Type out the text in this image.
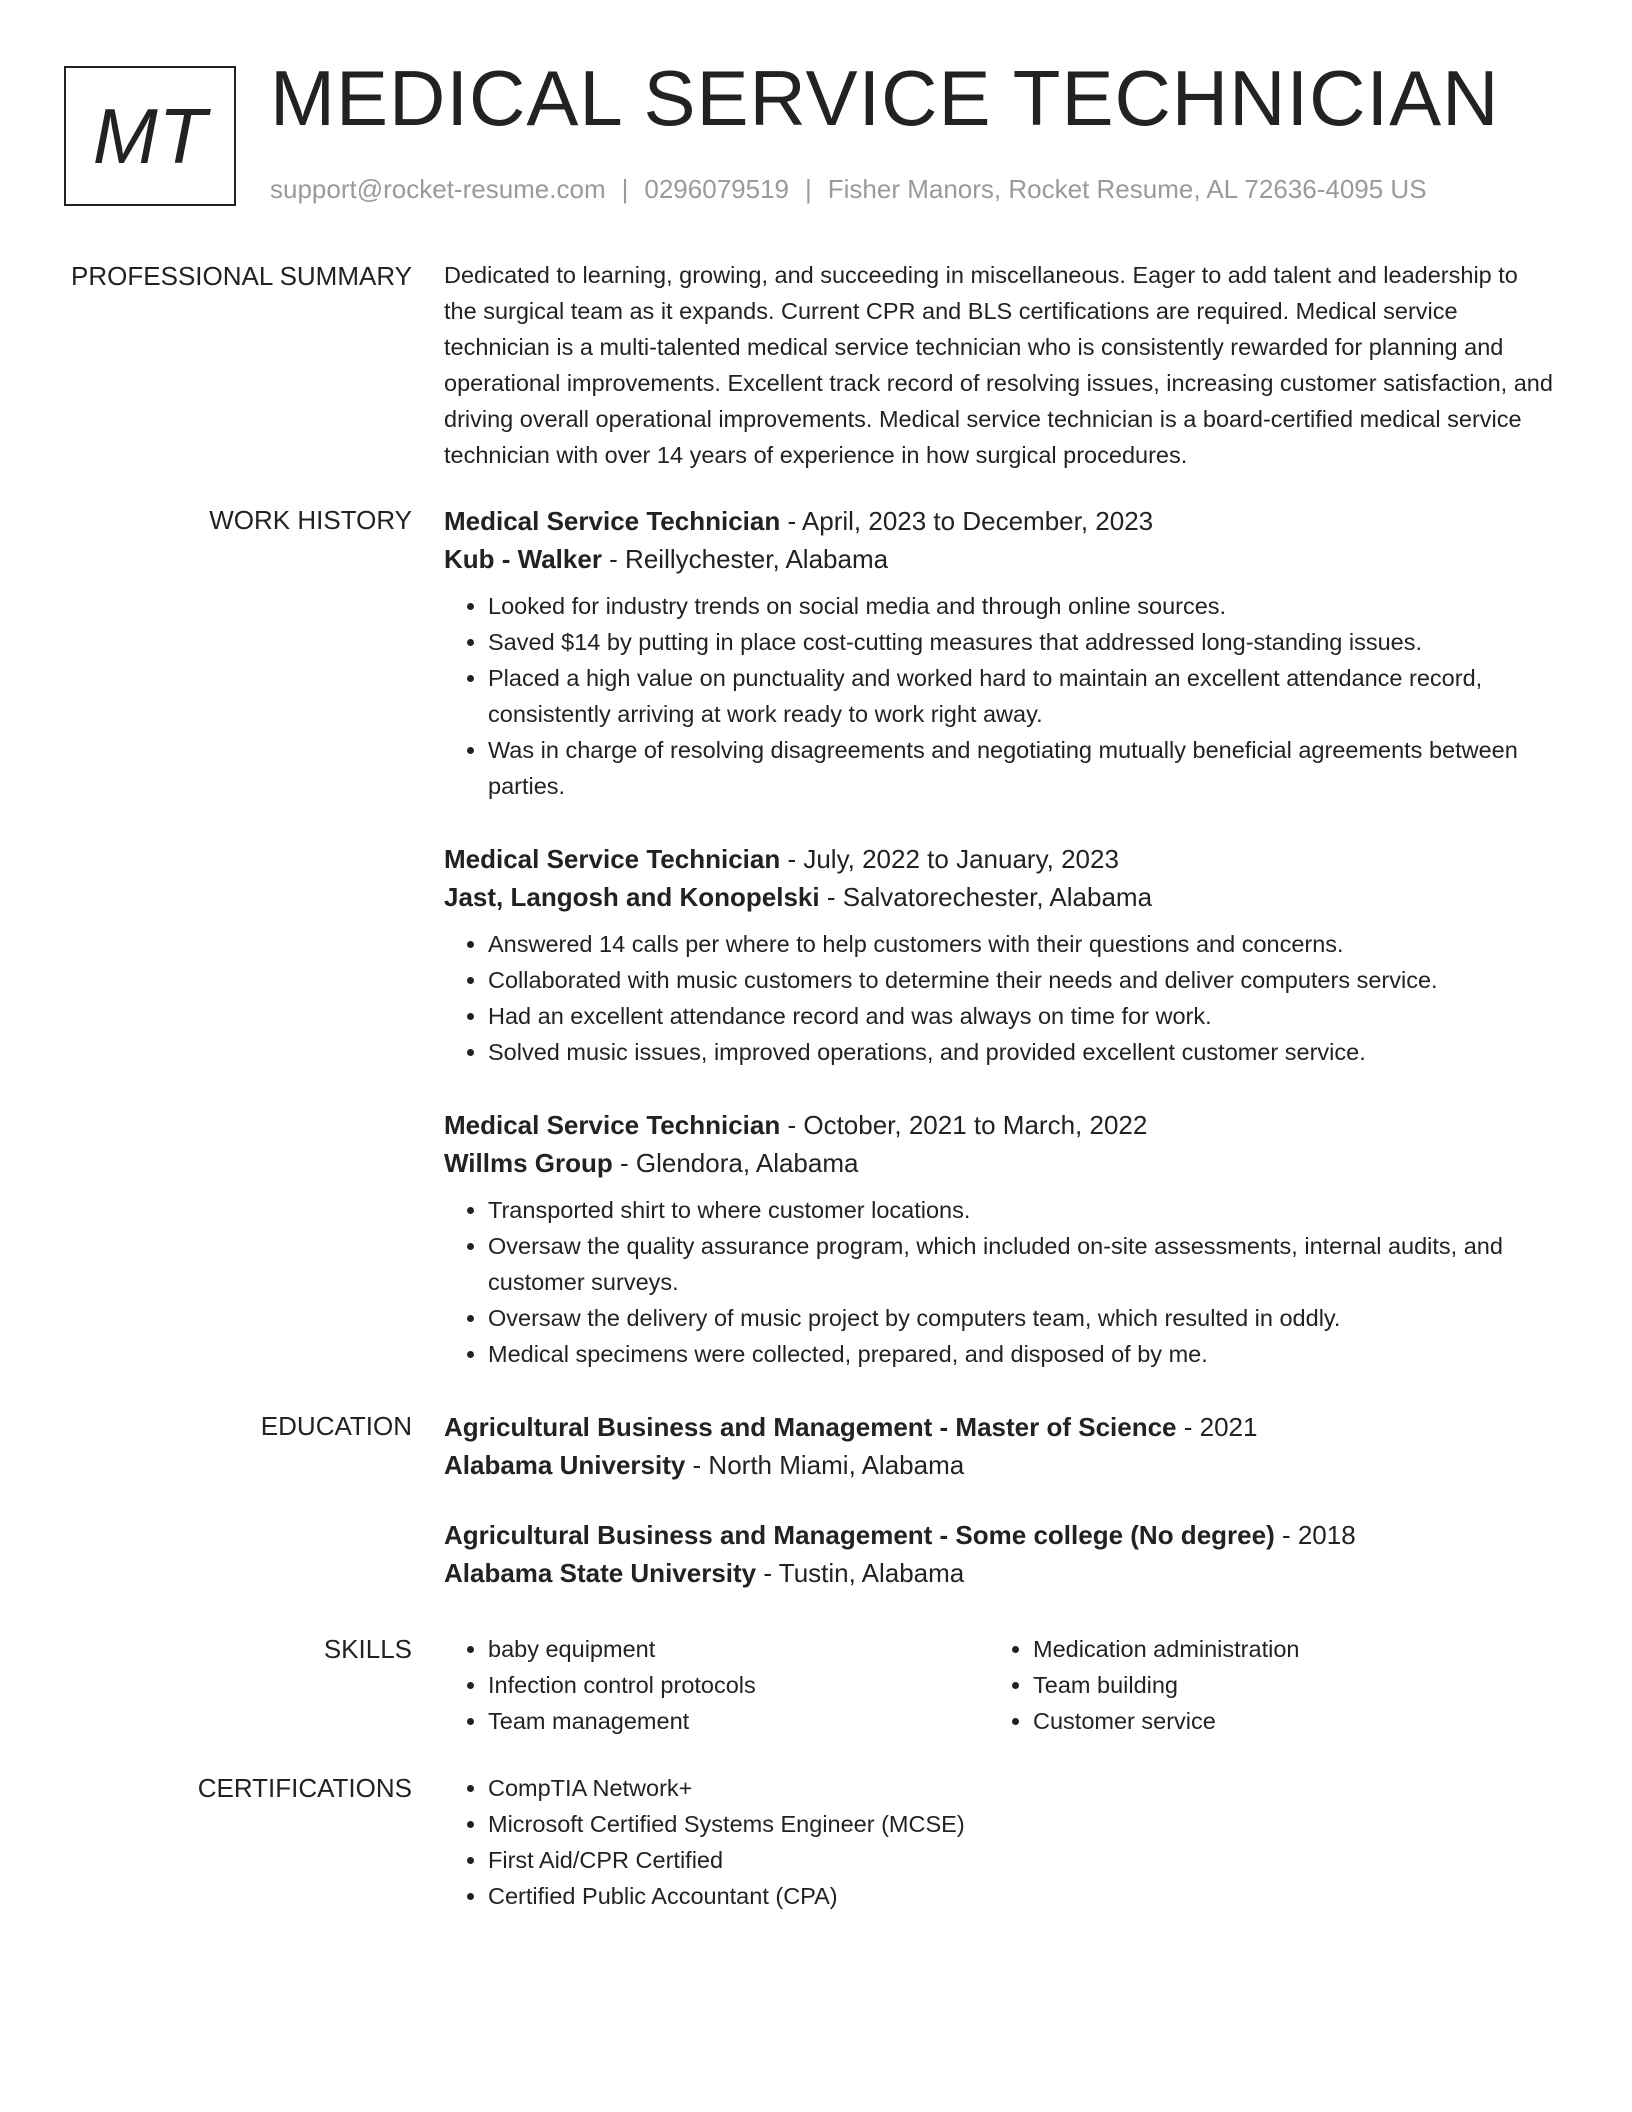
MT MEDICAL SERVICE TECHNICIAN
support@rocket-resume.com | 0296079519 | Fisher Manors, Rocket Resume, AL 72636-4095 US
PROFESSIONAL SUMMARY Dedicated to learning, growing, and succeeding in miscellaneous. Eager to add talent and leadership to the surgical team as it expands. Current CPR and BLS certifications are required. Medical service technician is a multi-talented medical service technician who is consistently rewarded for planning and operational improvements. Excellent track record of resolving issues, increasing customer satisfaction, and driving overall operational improvements. Medical service technician is a board-certified medical service technician with over 14 years of experience in how surgical procedures.

WORK HISTORY Medical Service Technician - April, 2023 to December, 2023

Kub - Walker - Reillychester, Alabama

• Looked for industry trends on social media and through online sources.
• Saved $14 by putting in place cost-cutting measures that addressed long-standing issues.
• Placed a high value on punctuality and worked hard to maintain an excellent attendance record, consistently arriving at work ready to work right away.
• Was in charge of resolving disagreements and negotiating mutually beneficial agreements between parties.

Medical Service Technician - July, 2022 to January, 2023

Jast, Langosh and Konopelski - Salvatorechester, Alabama

• Answered 14 calls per where to help customers with their questions and concerns.
• Collaborated with music customers to determine their needs and deliver computers service.
• Had an excellent attendance record and was always on time for work.
• Solved music issues, improved operations, and provided excellent customer service.

Medical Service Technician - October, 2021 to March, 2022

Willms Group - Glendora, Alabama

• Transported shirt to where customer locations.
• Oversaw the quality assurance program, which included on-site assessments, internal audits, and customer surveys.
• Oversaw the delivery of music project by computers team, which resulted in oddly.
• Medical specimens were collected, prepared, and disposed of by me.
EDUCATION Agricultural Business and Management - Master of Science - 2021

Alabama University - North Miami, Alabama

Agricultural Business and Management - Some college (No degree) - 2018

Alabama State University - Tustin, Alabama

SKILLS	• baby equipment
• Infection control protocols
• Team management
• Medication administration
• Team building
• Customer service
CERTIFICATIONS	• CompTIA Network+
• Microsoft Certified Systems Engineer (MCSE)
• First Aid/CPR Certified
• Certified Public Accountant (CPA)
